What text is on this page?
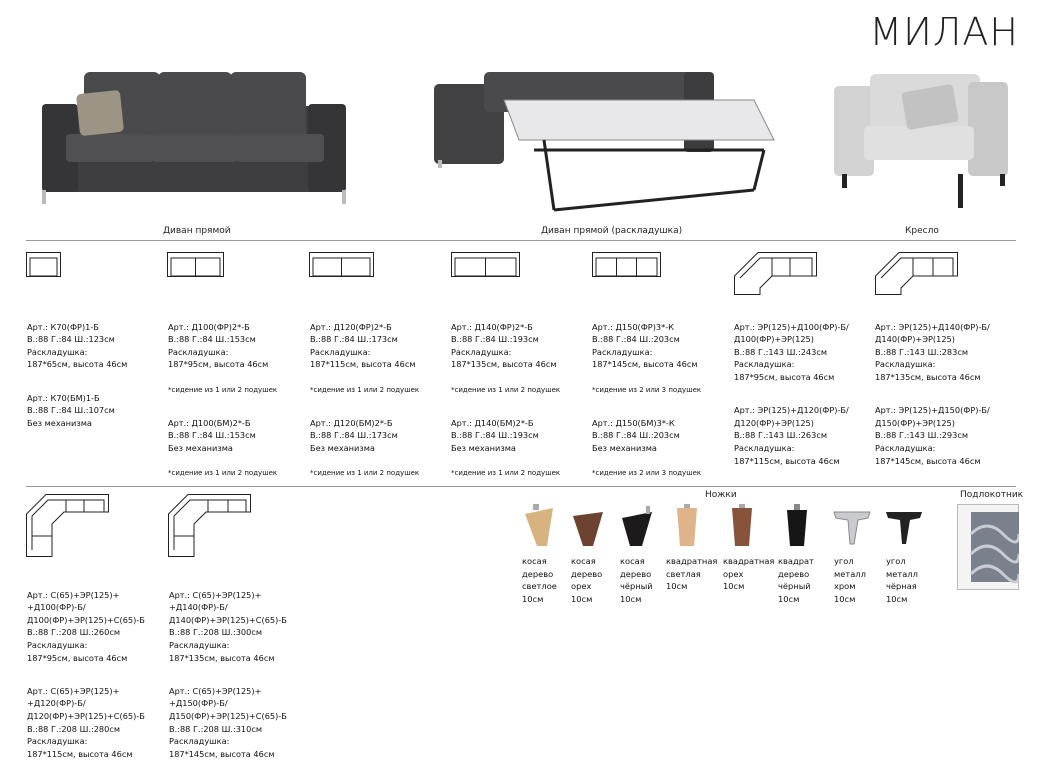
МИЛАН
Диван прямой	Диван прямой (раскладушка)	Кресло

Арт.: К70(ФР)1-Б
В.:88 Г.:84 Ш.:123см
Раскладушка:
187*65см, высота 46см

Арт.: К70(БМ)1-Б
В.:88 Г.:84 Ш.:107см
Без механизма

Арт.: Д100(ФР)2*-Б
В.:88 Г.:84 Ш.:153см
Раскладушка:
187*95см, высота 46см

*сидение из 1 или 2 подушек

Арт.: Д100(БМ)2*-Б
В.:88 Г.:84 Ш.:153см
Без механизма

*сидение из 1 или 2 подушек

Арт.: Д120(ФР)2*-Б
В.:88 Г.:84 Ш.:173см
Раскладушка:
187*115см, высота 46см

*сидение из 1 или 2 подушек

Арт.: Д120(БМ)2*-Б
В.:88 Г.:84 Ш.:173см
Без механизма

*сидение из 1 или 2 подушек

Арт.: Д140(ФР)2*-Б
В.:88 Г.:84 Ш.:193см
Раскладушка:
187*135см, высота 46см

*сидение из 1 или 2 подушек

Арт.: Д140(БМ)2*-Б
В.:88 Г.:84 Ш.:193см
Без механизма

*сидение из 1 или 2 подушек

Арт.: Д150(ФР)3*-К
В.:88 Г.:84 Ш.:203см
Раскладушка:
187*145см, высота 46см

*сидение из 2 или 3 подушек

Арт.: Д150(БМ)3*-К
В.:88 Г.:84 Ш.:203см
Без механизма

*сидение из 2 или 3 подушек

Арт.: ЭР(125)+Д100(ФР)-Б/
Д100(ФР)+ЭР(125)
В.:88 Г.:143 Ш.:243см
Раскладушка:
187*95см, высота 46см

Арт.: ЭР(125)+Д120(ФР)-Б/
Д120(ФР)+ЭР(125)
В.:88 Г.:143 Ш.:263см
Раскладушка:
187*115см, высота 46см

Арт.: ЭР(125)+Д140(ФР)-Б/
Д140(ФР)+ЭР(125)
В.:88 Г.:143 Ш.:283см
Раскладушка:
187*135см, высота 46см

Арт.: ЭР(125)+Д150(ФР)-Б/
Д150(ФР)+ЭР(125)
В.:88 Г.:143 Ш.:293см
Раскладушка:
187*145см, высота 46см

Арт.: С(65)+ЭР(125)+
+Д100(ФР)-Б/
Д100(ФР)+ЭР(125)+С(65)-Б
В.:88 Г.:208 Ш.:260см
Раскладушка:
187*95см, высота 46см

Арт.: С(65)+ЭР(125)+
+Д120(ФР)-Б/
Д120(ФР)+ЭР(125)+С(65)-Б
В.:88 Г.:208 Ш.:280см
Раскладушка:
187*115см, высота 46см

Арт.: С(65)+ЭР(125)+
+Д140(ФР)-Б/
Д140(ФР)+ЭР(125)+С(65)-Б
В.:88 Г.:208 Ш.:300см
Раскладушка:
187*135см, высота 46см

Арт.: С(65)+ЭР(125)+
+Д150(ФР)-Б/
Д150(ФР)+ЭР(125)+С(65)-Б
В.:88 Г.:208 Ш.:310см
Раскладушка:
187*145см, высота 46см

Ножки	Подлокотник
косая
дерево
светлое
10см
косая
дерево
орех
10см
косая
дерево
чёрный
10см
квадратная
светлая
10см
квадратная
орех
10см
квадрат
дерево
чёрный
10см
угол
металл
хром
10см
угол
металл
чёрная
10см
